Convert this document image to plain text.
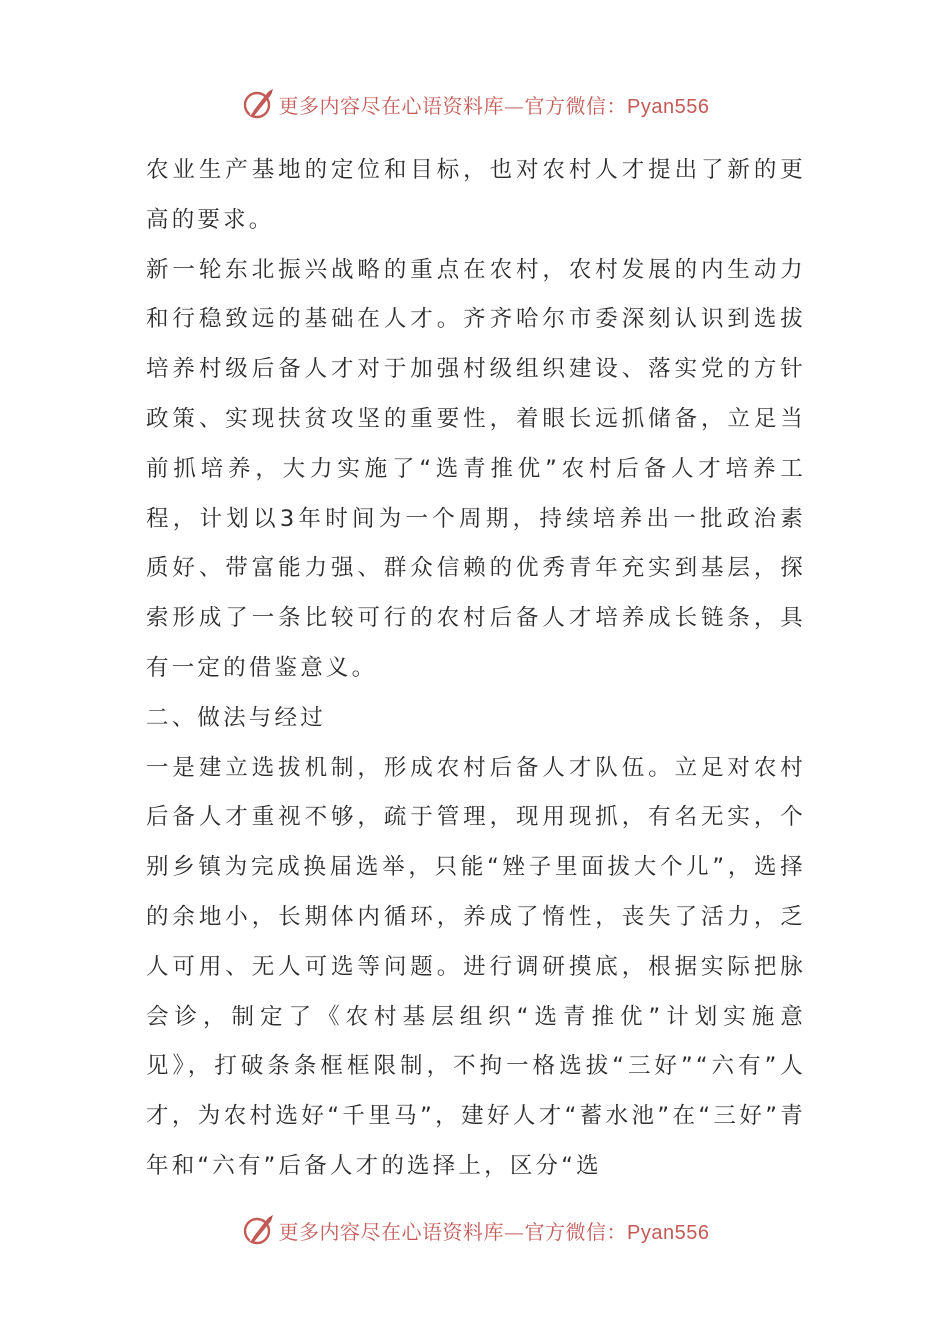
更多内容尽在心语资料库—官方微信：Pyan556

农业生产基地的定位和目标，也对农村人才提出了新的更高的要求。

新一轮东北振兴战略的重点在农村，农村发展的内生动力和行稳致远的基础在人才。齐齐哈尔市委深刻认识到选拔培养村级后备人才对于加强村级组织建设、落实党的方针政策、实现扶贫攻坚的重要性，着眼长远抓储备，立足当前抓培养，大力实施了“选青推优”农村后备人才培养工程，计划以3年时间为一个周期，持续培养出一批政治素质好、带富能力强、群众信赖的优秀青年充实到基层，探索形成了一条比较可行的农村后备人才培养成长链条，具有一定的借鉴意义。

二、做法与经过

一是建立选拔机制，形成农村后备人才队伍。立足对农村后备人才重视不够，疏于管理，现用现抓，有名无实，个别乡镇为完成换届选举，只能“矬子里面拔大个儿”，选择的余地小，长期体内循环，养成了惰性，丧失了活力，乏人可用、无人可选等问题。进行调研摸底，根据实际把脉会诊，制定了《农村基层组织“选青推优”计划实施意见》，打破条条框框限制，不拘一格选拔“三好”“六有”人才，为农村选好“千里马”，建好人才“蓄水池”在“三好”青年和“六有”后备人才的选择上，区分“选

更多内容尽在心语资料库—官方微信：Pyan556
